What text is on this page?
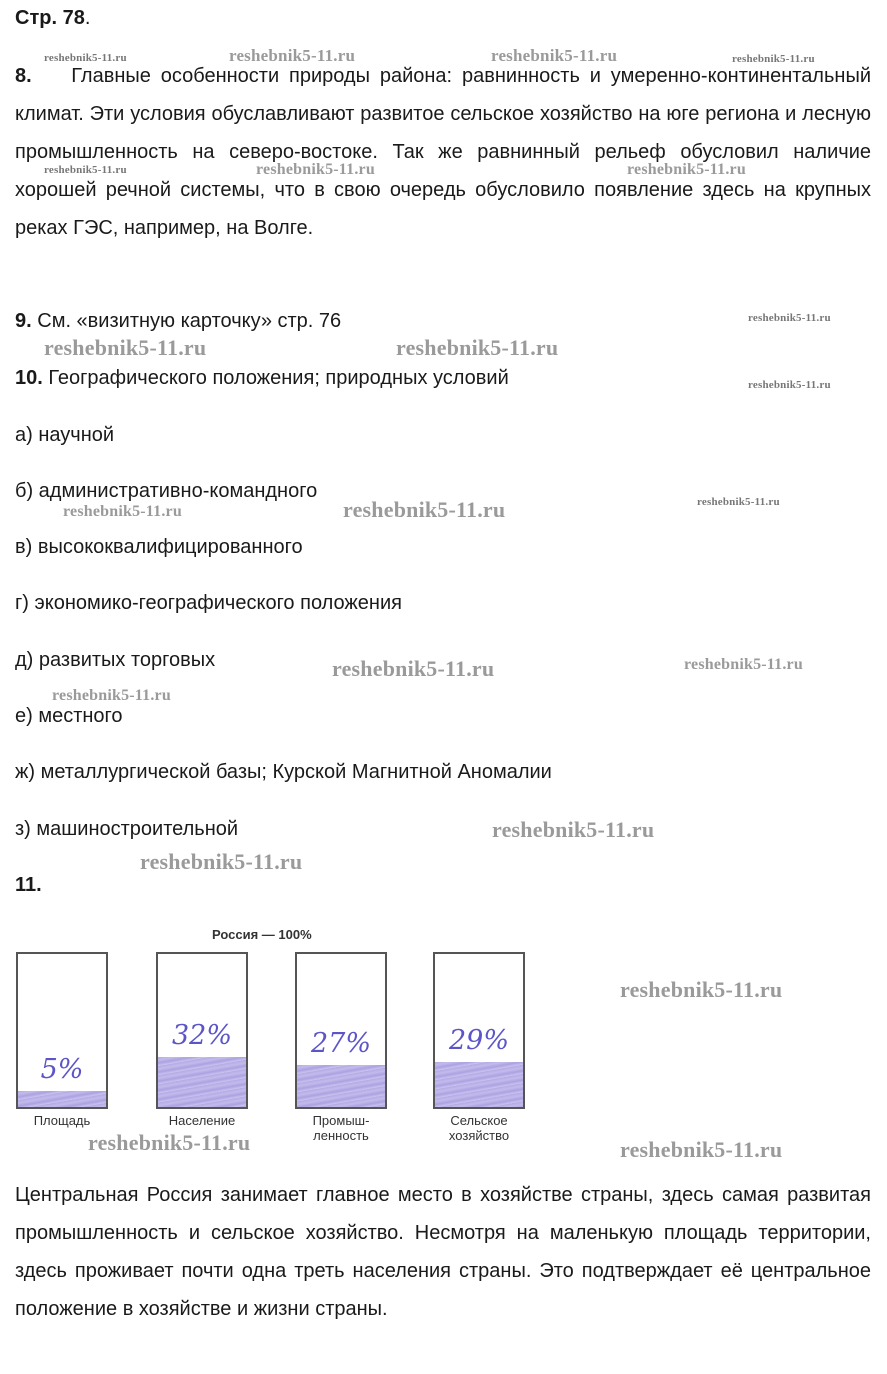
Стр. 78.
reshebnik5-11.ru	reshebnik5-11.ru	reshebnik5-11.ru	reshebnik5-11.ru
reshebnik5-11.ru	reshebnik5-11.ru	reshebnik5-11.ru
reshebnik5-11.ru
reshebnik5-11.ru	reshebnik5-11.ru
reshebnik5-11.ru
reshebnik5-11.ru
reshebnik5-11.ru	reshebnik5-11.ru
reshebnik5-11.ru	reshebnik5-11.ru
reshebnik5-11.ru
reshebnik5-11.ru
reshebnik5-11.ru
reshebnik5-11.ru
reshebnik5-11.ru	reshebnik5-11.ru

8. Главные особенности природы района: равнинность и умеренно-континентальный климат. Эти условия обуславливают развитое сельское хозяйство на юге региона и лесную промышленность на северо-востоке. Так же равнинный рельеф обусловил наличие хорошей речной системы, что в свою очередь обусловило появление здесь на крупных реках ГЭС, например, на Волге.

9. См. «визитную карточку» стр. 76
10. Географического положения; природных условий
а) научной
б) административно-командного
в) высококвалифицированного
г) экономико-географического положения
д) развитых торговых
е) местного
ж) металлургической базы; Курской Магнитной Аномалии
з) машиностроительной
11.
Россия — 100%
5%
Площадь
32%
Население
27%
Промыш-
ленность
29%
Сельское
хозяйство

Центральная Россия занимает главное место в хозяйстве страны, здесь самая развитая промышленность и сельское хозяйство. Несмотря на маленькую площадь территории, здесь проживает почти одна треть населения страны. Это подтверждает её центральное положение в хозяйстве и жизни страны.
